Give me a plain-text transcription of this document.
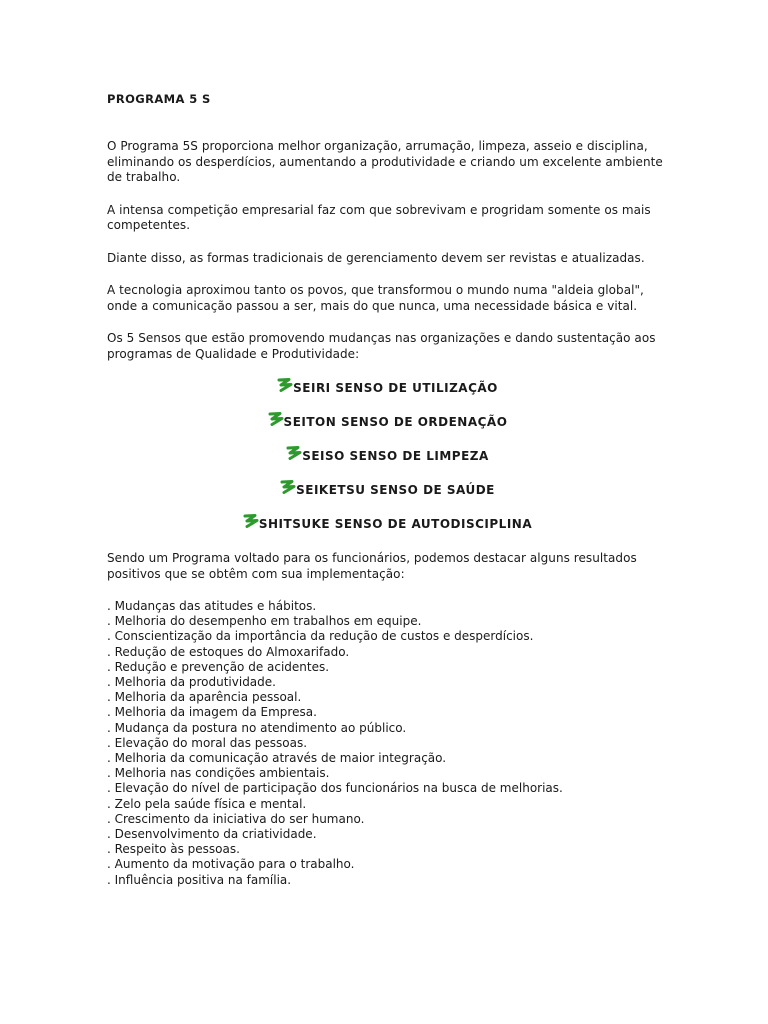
PROGRAMA 5 S

O Programa 5S proporciona melhor organização, arrumação, limpeza, asseio e disciplina, eliminando os desperdícios, aumentando a produtividade e criando um excelente ambiente de trabalho.

A intensa competição empresarial faz com que sobrevivam e progridam somente os mais competentes.

Diante disso, as formas tradicionais de gerenciamento devem ser revistas e atualizadas.

A tecnologia aproximou tanto os povos, que transformou o mundo numa "aldeia global", onde a comunicação passou a ser, mais do que nunca, uma necessidade básica e vital.

Os 5 Sensos que estão promovendo mudanças nas organizações e dando sustentação aos programas de Qualidade e Produtividade:

SEIRI SENSO DE UTILIZAÇÃO
SEITON SENSO DE ORDENAÇÃO
SEISO SENSO DE LIMPEZA
SEIKETSU SENSO DE SAÚDE
SHITSUKE SENSO DE AUTODISCIPLINA

Sendo um Programa voltado para os funcionários, podemos destacar alguns resultados positivos que se obtêm com sua implementação:

. Mudanças das atitudes e hábitos.
. Melhoria do desempenho em trabalhos em equipe.
. Conscientização da importância da redução de custos e desperdícios.
. Redução de estoques do Almoxarifado.
. Redução e prevenção de acidentes.
. Melhoria da produtividade.
. Melhoria da aparência pessoal.
. Melhoria da imagem da Empresa.
. Mudança da postura no atendimento ao público.
. Elevação do moral das pessoas.
. Melhoria da comunicação através de maior integração.
. Melhoria nas condições ambientais.
. Elevação do nível de participação dos funcionários na busca de melhorias.
. Zelo pela saúde física e mental.
. Crescimento da iniciativa do ser humano.
. Desenvolvimento da criatividade.
. Respeito às pessoas.
. Aumento da motivação para o trabalho.
. Influência positiva na família.
